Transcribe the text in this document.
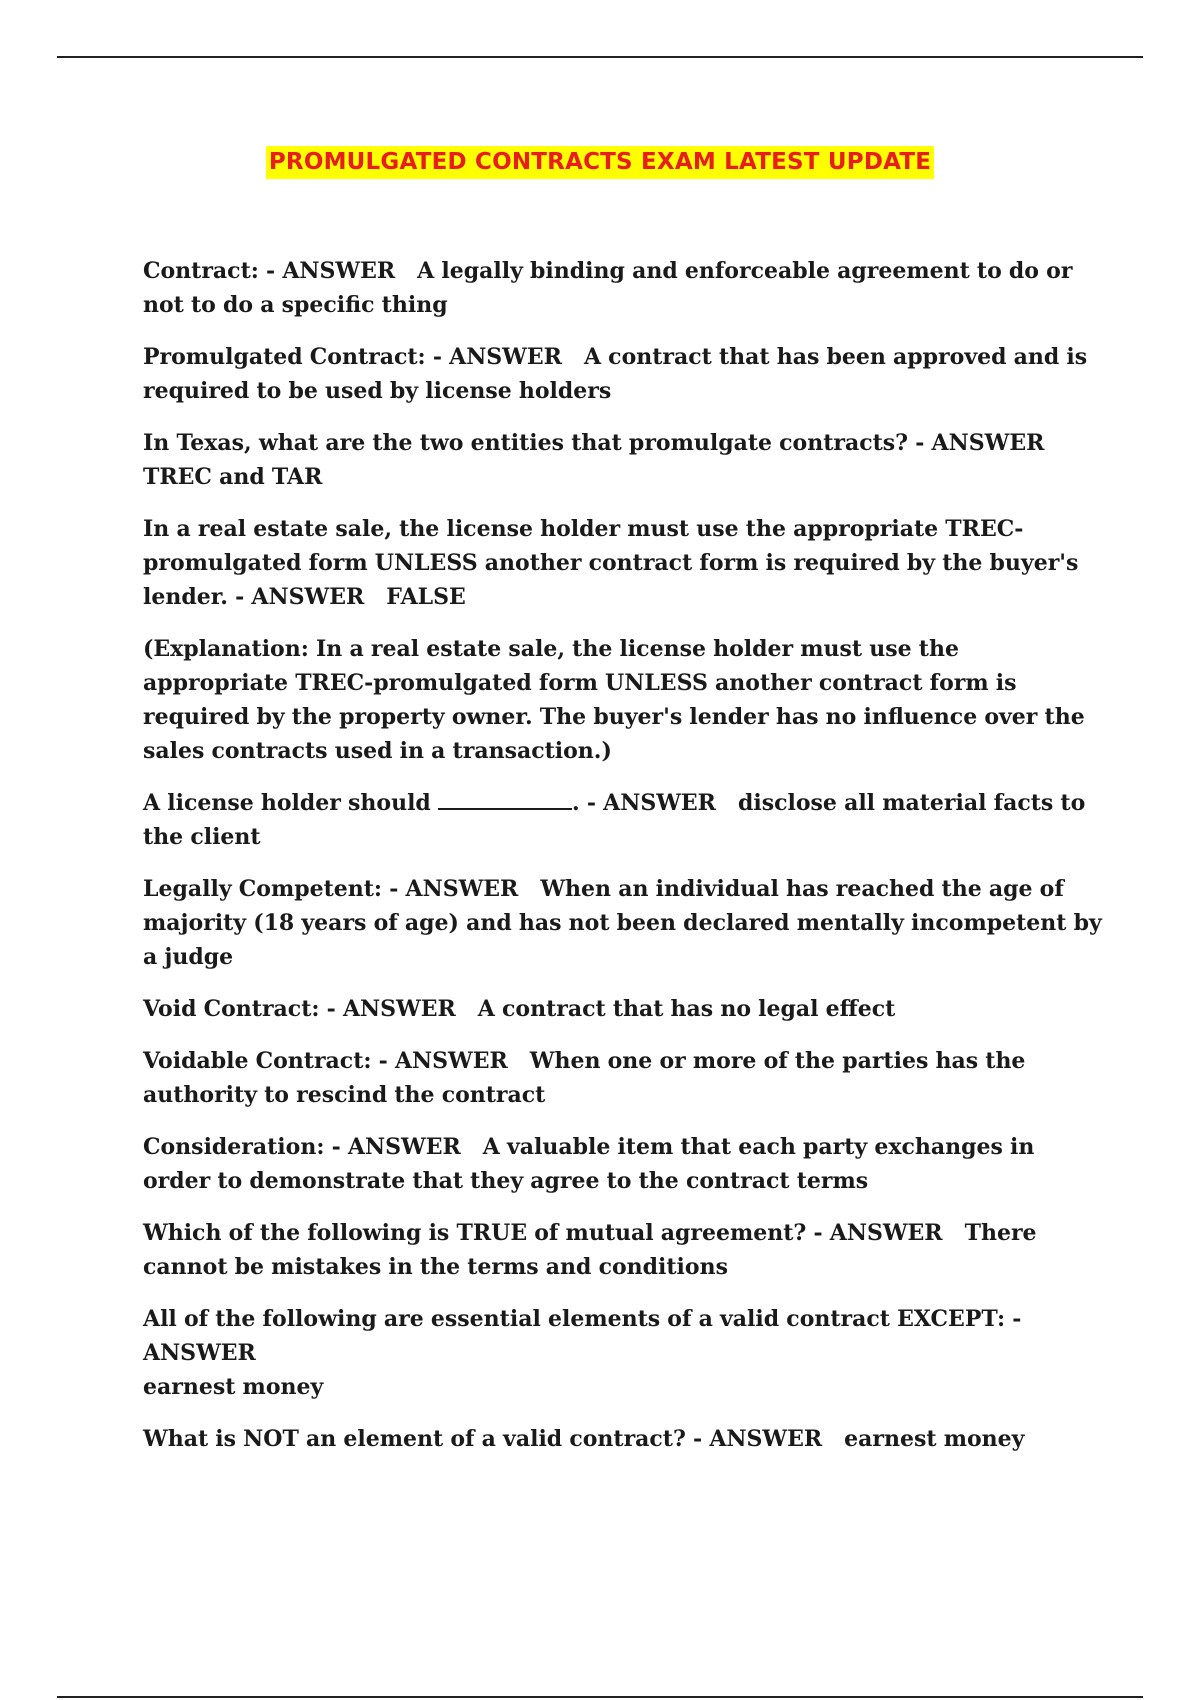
PROMULGATED CONTRACTS EXAM LATEST UPDATE

Contract: - ANSWER A legally binding and enforceable agreement to do or not to do a specific thing

Promulgated Contract: - ANSWER A contract that has been approved and is required to be used by license holders

In Texas, what are the two entities that promulgate contracts? - ANSWERTREC and TAR

In a real estate sale, the license holder must use the appropriate TREC-promulgated form UNLESS another contract form is required by the buyer's lender. - ANSWER FALSE

(Explanation: In a real estate sale, the license holder must use the appropriate TREC-promulgated form UNLESS another contract form is required by the property owner. The buyer's lender has no influence over the sales contracts used in a transaction.)

A license holder should	. - ANSWER disclose all material facts to the client

Legally Competent: - ANSWER When an individual has reached the age of majority (18 years of age) and has not been declared mentally incompetent by a judge

Void Contract: - ANSWER A contract that has no legal effect

Voidable Contract: - ANSWER When one or more of the parties has the authority to rescind the contract

Consideration: - ANSWER A valuable item that each party exchanges in order to demonstrate that they agree to the contract terms

Which of the following is TRUE of mutual agreement? - ANSWER There cannot be mistakes in the terms and conditions

All of the following are essential elements of a valid contract EXCEPT: - ANSWER
earnest money

What is NOT an element of a valid contract? - ANSWER earnest money
